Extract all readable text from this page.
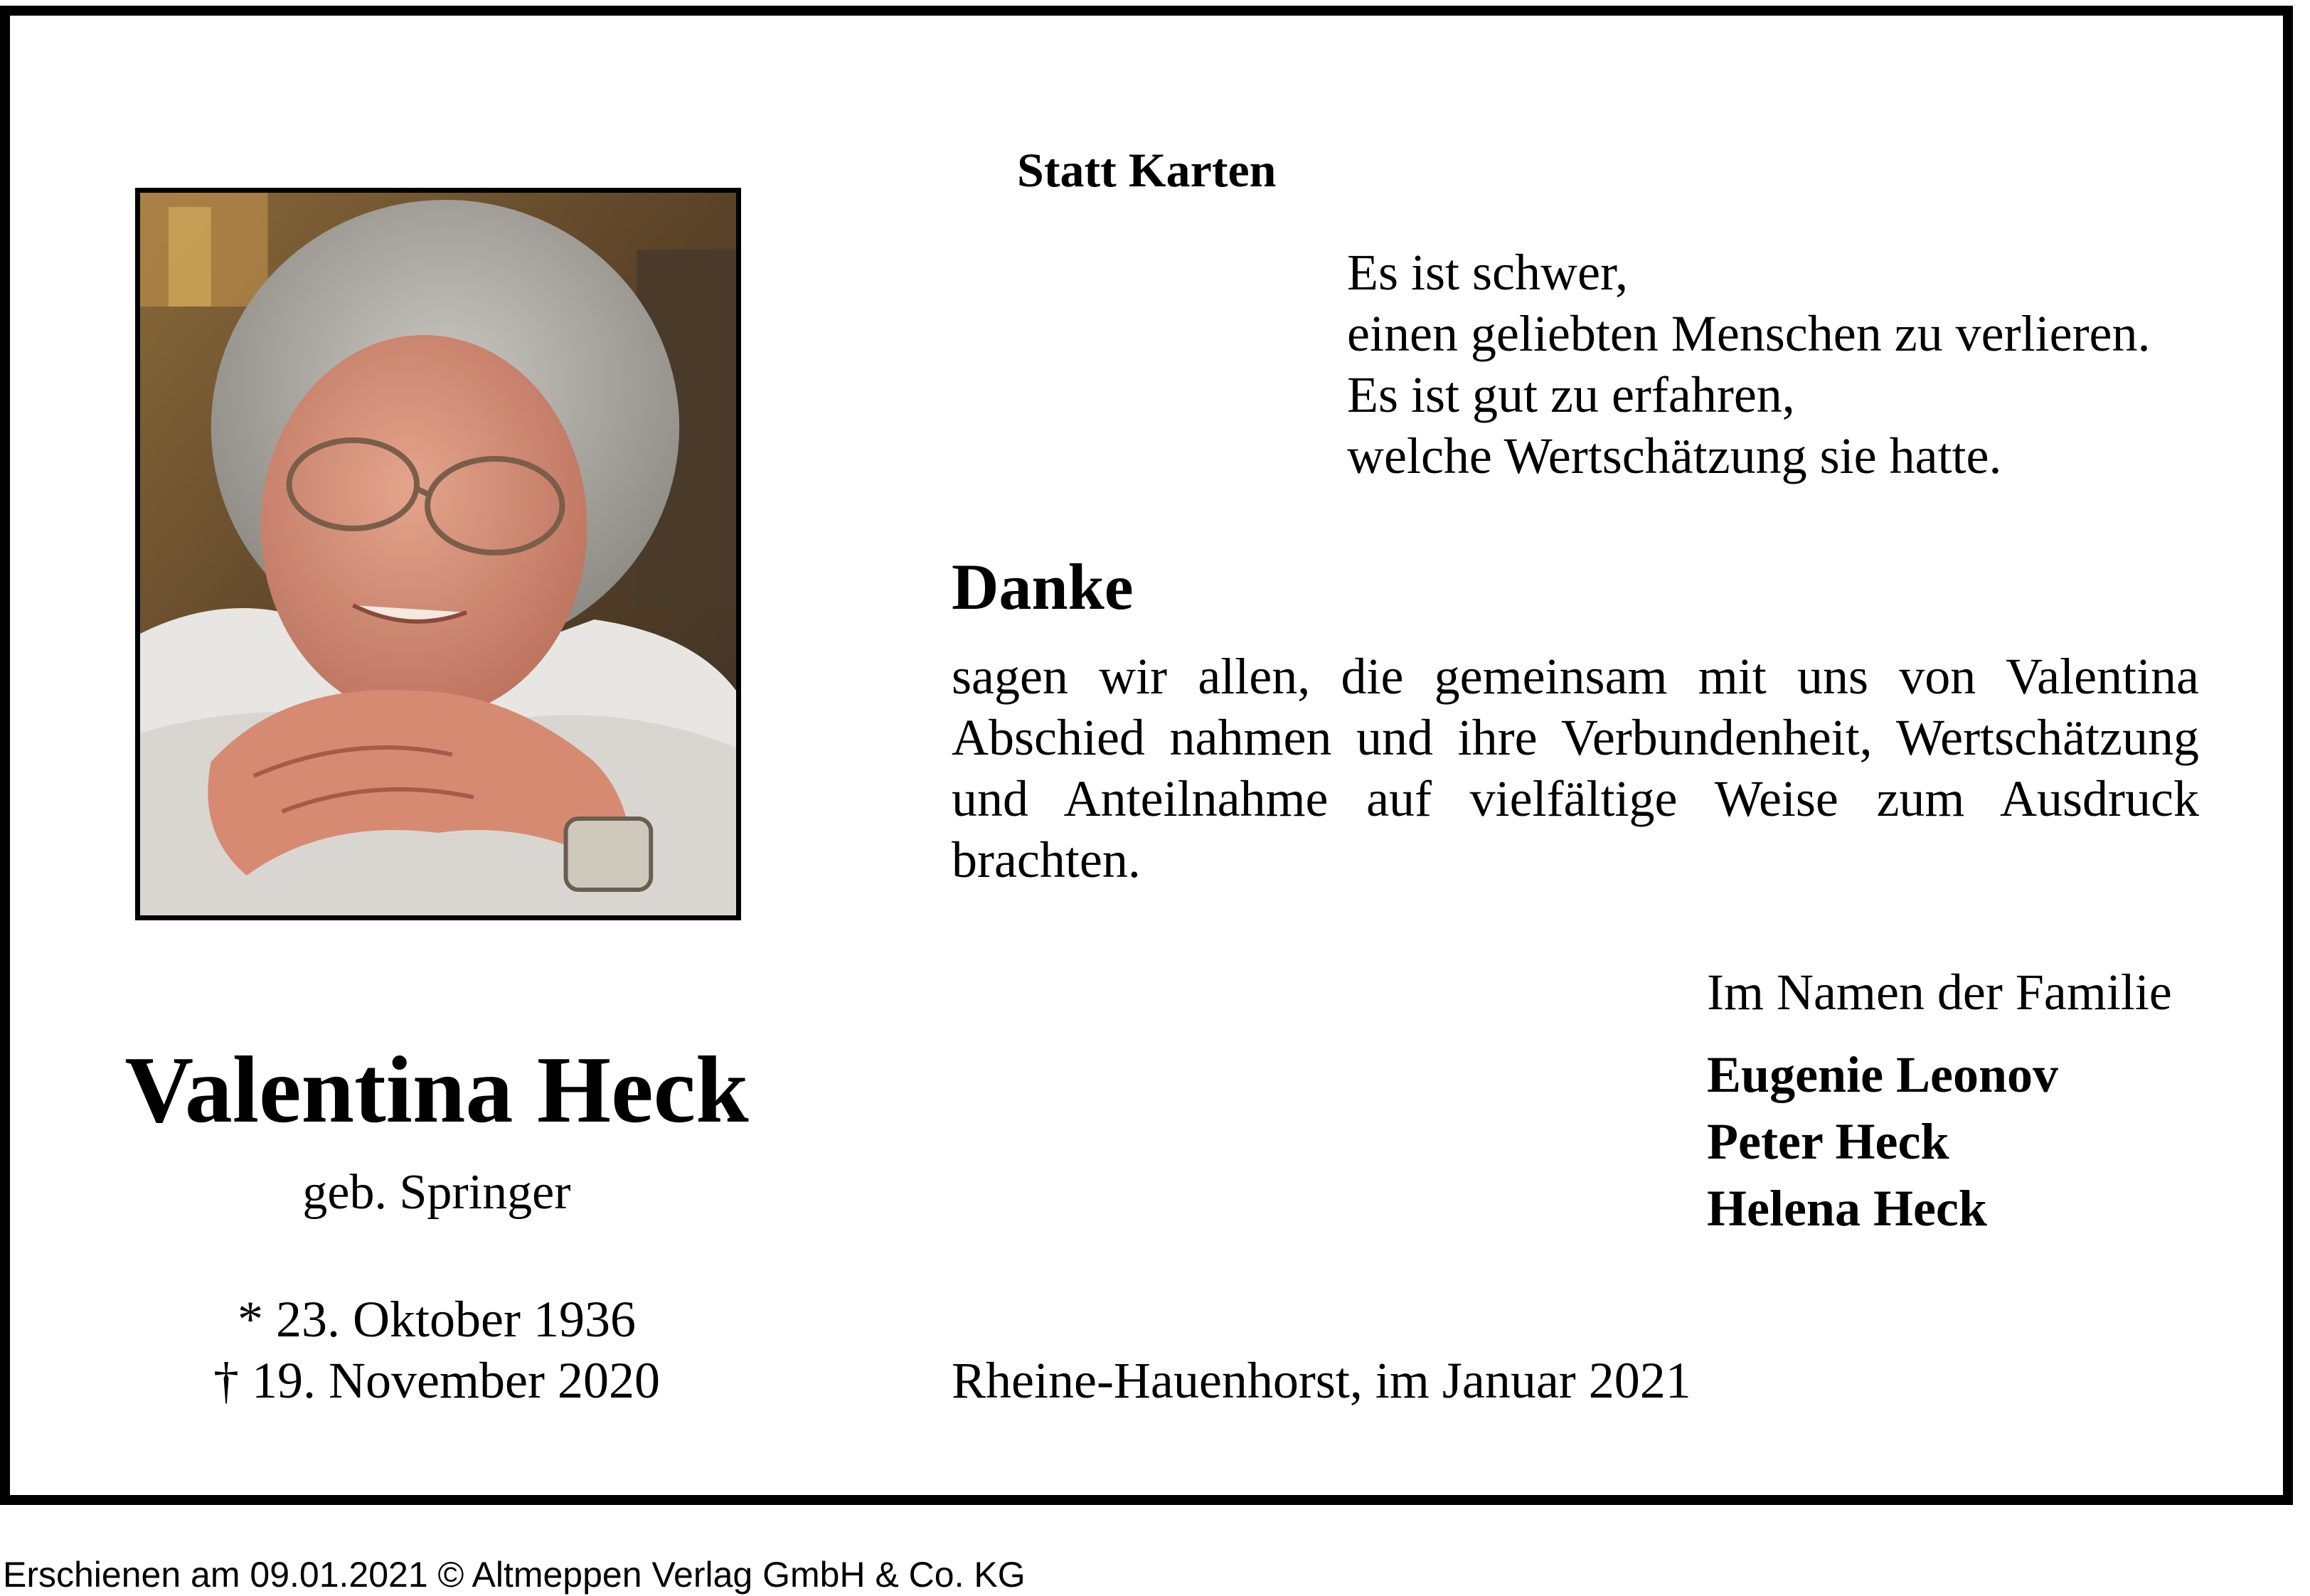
Valentina Heck
geb. Springer
* 23. Oktober 1936
† 19. November 2020
Statt Karten
Es ist schwer,
einen geliebten Menschen zu verlieren.
Es ist gut zu erfahren,
welche Wertschätzung sie hatte.
Danke
sagen wir allen, die gemeinsam mit uns von Valentina Abschied nahmen und ihre Verbundenheit, Wertschätzung und Anteilnahme auf vielfältige Weise zum Ausdruck brachten.
Im Namen der Familie
Eugenie Leonov
Peter Heck
Helena Heck
Rheine-Hauenhorst, im Januar 2021
Erschienen am 09.01.2021 © Altmeppen Verlag GmbH & Co. KG
